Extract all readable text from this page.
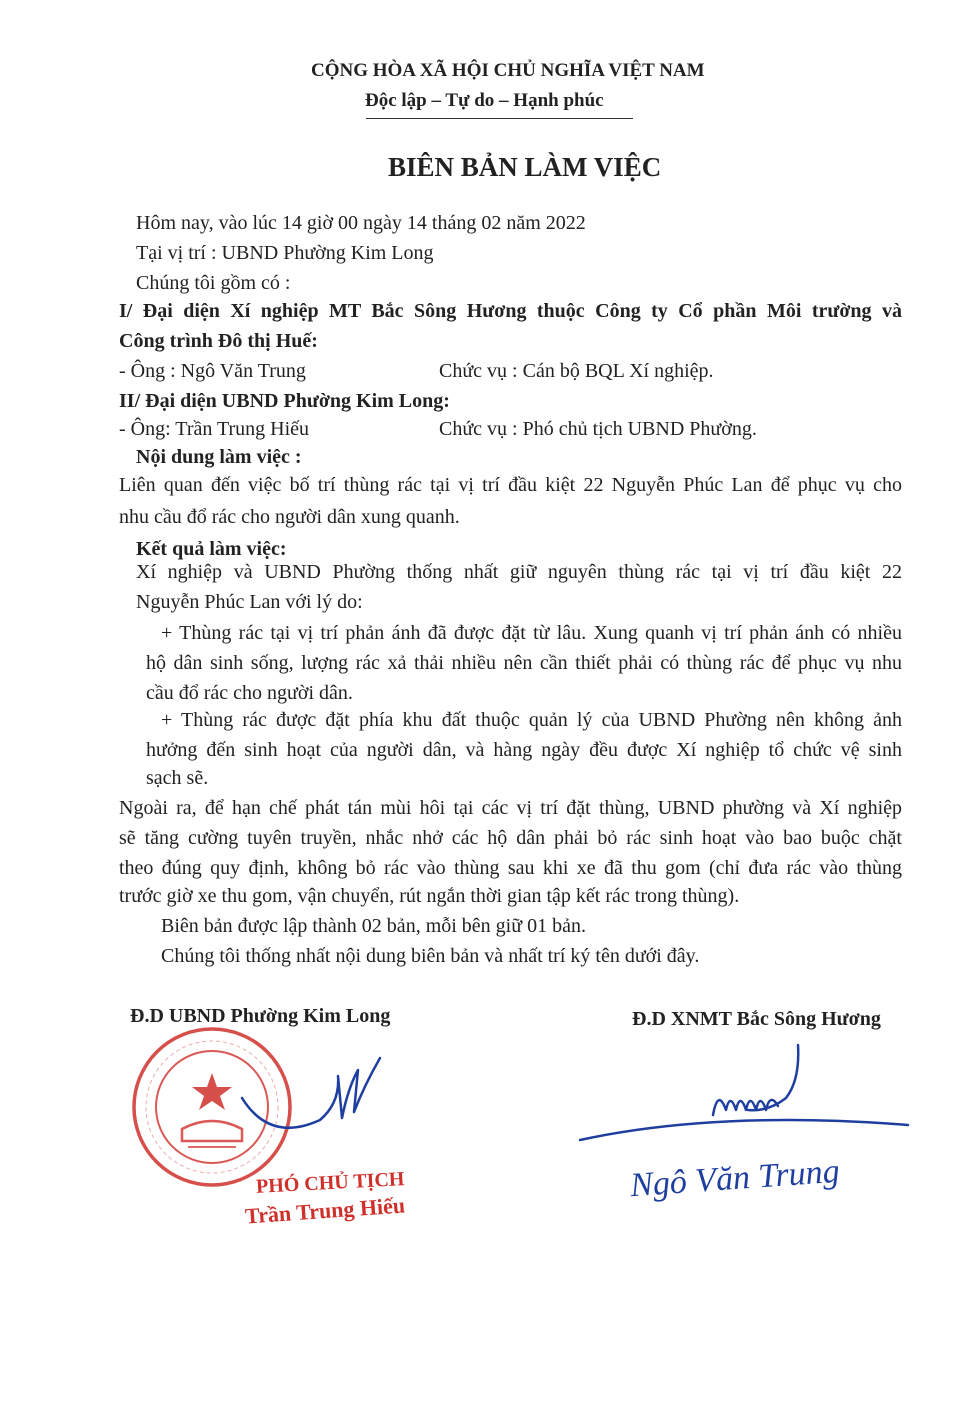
CỘNG HÒA XÃ HỘI CHỦ NGHĨA VIỆT NAM
Độc lập – Tự do – Hạnh phúc
BIÊN BẢN LÀM VIỆC
Hôm nay, vào lúc 14 giờ 00 ngày 14 tháng 02 năm 2022
Tại vị trí : UBND Phường Kim Long
Chúng tôi gồm có :
I/ Đại diện Xí nghiệp MT Bắc Sông Hương thuộc Công ty Cổ phần Môi trường và
Công trình Đô thị Huế:
- Ông : Ngô Văn Trung	Chức vụ : Cán bộ BQL Xí nghiệp.
II/ Đại diện UBND Phường Kim Long:
- Ông: Trần Trung Hiếu	Chức vụ : Phó chủ tịch UBND Phường.
Nội dung làm việc :
Liên quan đến việc bố trí thùng rác tại vị trí đầu kiệt 22 Nguyễn Phúc Lan để phục vụ cho
nhu cầu đổ rác cho người dân xung quanh.
Kết quả làm việc:
Xí nghiệp và UBND Phường thống nhất giữ nguyên thùng rác tại vị trí đầu kiệt 22
Nguyễn Phúc Lan với lý do:
+ Thùng rác tại vị trí phản ánh đã được đặt từ lâu. Xung quanh vị trí phản ánh có nhiều
hộ dân sinh sống, lượng rác xả thải nhiều nên cần thiết phải có thùng rác để phục vụ nhu
cầu đổ rác cho người dân.
+ Thùng rác được đặt phía khu đất thuộc quản lý của UBND Phường nên không ảnh
hưởng đến sinh hoạt của người dân, và hàng ngày đều được Xí nghiệp tổ chức vệ sinh
sạch sẽ.
Ngoài ra, để hạn chế phát tán mùi hôi tại các vị trí đặt thùng, UBND phường và Xí nghiệp
sẽ tăng cường tuyên truyền, nhắc nhở các hộ dân phải bỏ rác sinh hoạt vào bao buộc chặt
theo đúng quy định, không bỏ rác vào thùng sau khi xe đã thu gom (chỉ đưa rác vào thùng
trước giờ xe thu gom, vận chuyển, rút ngắn thời gian tập kết rác trong thùng).
Biên bản được lập thành 02 bản, mỗi bên giữ 01 bản.
Chúng tôi thống nhất nội dung biên bản và nhất trí ký tên dưới đây.
Đ.D UBND Phường Kim Long	Đ.D XNMT Bắc Sông Hương
PHÓ CHỦ TỊCH
Trần Trung Hiếu
Ngô Văn Trung
